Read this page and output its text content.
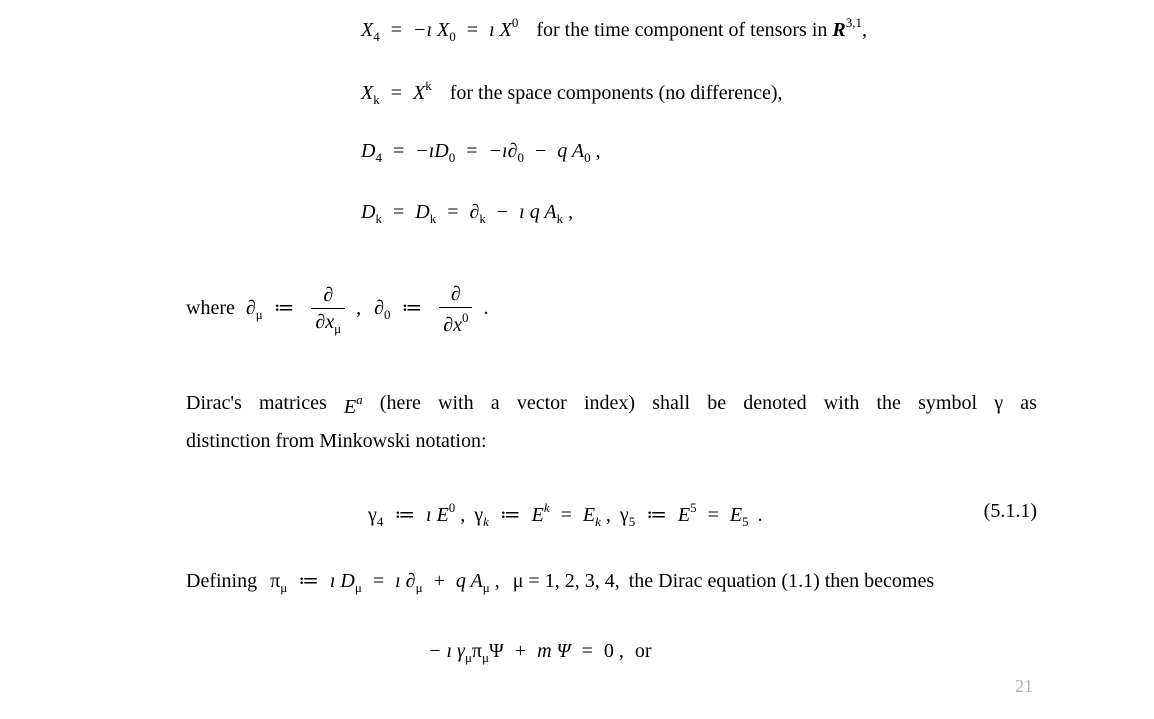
$X_4$ = −ı $X_0$ = ı $X^0$ for the time component of tensors in R$^{3,1}$,
$X_k = X^k$ for the space components (no difference),
$D_4$ = $-ıD_0$ = $-ı\partial_0 - q$ $A_0$ ,
$D_k = D_k = \partial_k$ − ı q $A_k$ ,
where $\partial_\mu$ ≔ $\frac{\partial}{\partial x_\mu}$ , $\partial_0$ ≔ $\frac{\partial}{\partial x^0}$ .
Dirac's matrices $E^a$ (here with a vector index) shall be denoted with the symbol γ as
distinction from Minkowski notation:
$\gamma_4$ ≔ ı $E^0$ , $\gamma_k$ ≔ $E^k = E_k$ , $\gamma_5$ ≔ $E^5 = E_5$ .	(5.1.1)
Defining $\pi_\mu$ ≔ ı $D_\mu$ = ı $\partial_\mu + q$ $A_\mu$ , μ = 1, 2, 3, 4, the Dirac equation (1.1) then becomes
− ı $\gamma_\mu\pi_\mu\Psi + m$ Ψ = 0 , or
21
